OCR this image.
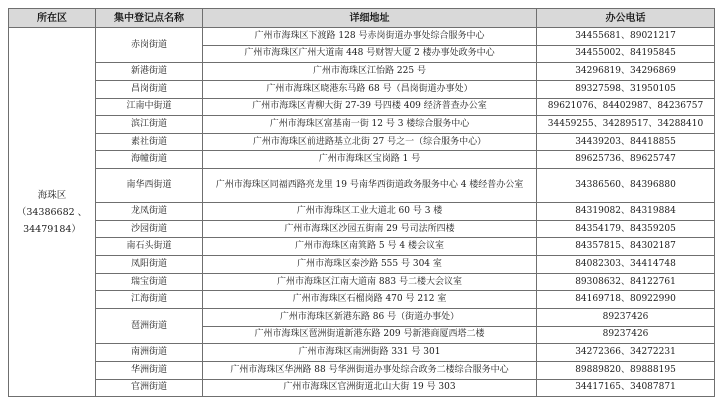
所在区	集中登记点名称	详细地址	办公电话

海珠区
（34386682 、
34479184）	赤岗街道	广州市海珠区下渡路 128 号赤岗街道办事处综合服务中心	34455681、89021217
		广州市海珠区广州大道南 448 号财智大厦 2 楼办事处政务中心	34455002、84195845
	新港街道	广州市海珠区江怡路 225 号	34296819、34296869
	昌岗街道	广州市海珠区晓港东马路 68 号（昌岗街道办事处）	89327598、31950105
	江南中街道	广州市海珠区青柳大街 27-39 号四楼 409 经济普查办公室	89621076、84402987、84236757
	滨江街道	广州市海珠区富基南一街 12 号 3 楼综合服务中心	34459255、34289517、34288410
	素社街道	广州市海珠区前进路基立北街 27 号之一（综合服务中心）	34439203、84418855
	海幢街道	广州市海珠区宝岗路 1 号	89625736、89625747
	南华西街道	广州市海珠区同福西路亮龙里 19 号南华西街道政务服务中心 4 楼经普办公室	34386560、84396880
	龙凤街道	广州市海珠区工业大道北 60 号 3 楼	84319082、84319884
	沙园街道	广州市海珠区沙园五街南 29 号司法所四楼	84354179、84359205
	南石头街道	广州市海珠区南箕路 5 号 4 楼会议室	84357815、84302187
	凤阳街道	广州市海珠区泰沙路 555 号 304 室	84082303、34414748
	瑞宝街道	广州市海珠区江南大道南 883 号二楼大会议室	89308632、84122761
	江海街道	广州市海珠区石榴岗路 470 号 212 室	84169718、80922990
	琶洲街道	广州市海珠区新港东路 86 号（街道办事处）	89237426
		广州市海珠区琶洲街道新港东路 209 号新港商厦西塔二楼	89237426
	南洲街道	广州市海珠区南洲街路 331 号 301	34272366、34272231
	华洲街道	广州市海珠区华洲路 88 号华洲街道办事处综合政务二楼综合服务中心	89889820、89888195
	官洲街道	广州市海珠区官洲街道北山大街 19 号 303	34417165、34087871
